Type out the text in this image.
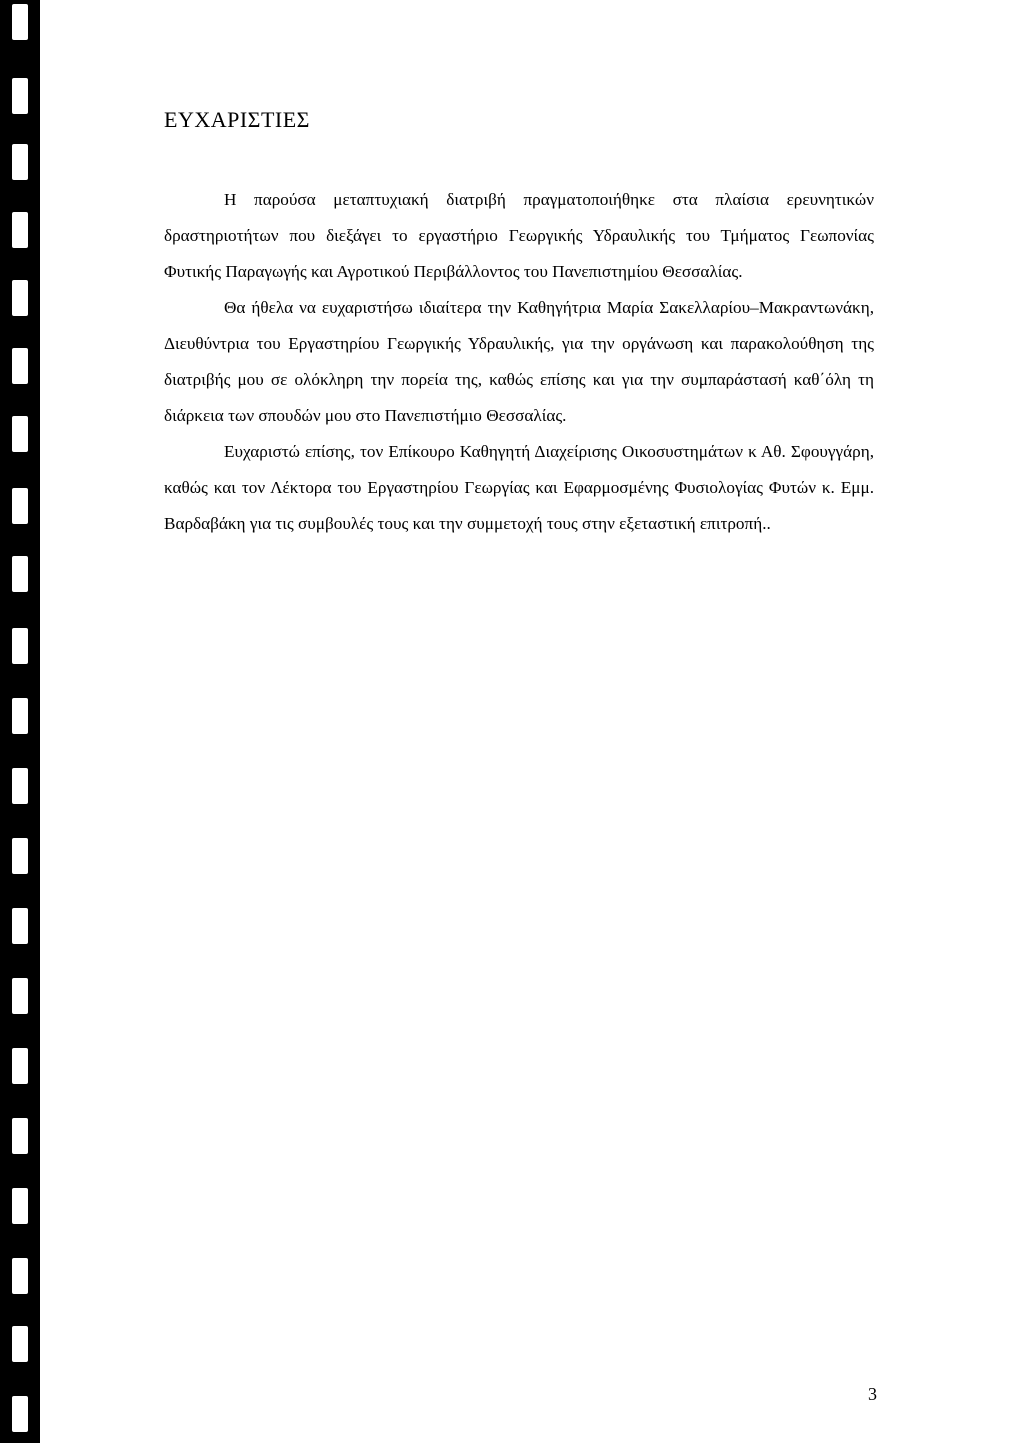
ΕΥΧΑΡΙΣΤΙΕΣ

Η παρούσα μεταπτυχιακή διατριβή πραγματοποιήθηκε στα πλαίσια ερευνητικών δραστηριοτήτων που διεξάγει το εργαστήριο Γεωργικής Υδραυλικής του Τμήματος Γεωπονίας Φυτικής Παραγωγής και Αγροτικού Περιβάλλοντος του Πανεπιστημίου Θεσσαλίας.

Θα ήθελα να ευχαριστήσω ιδιαίτερα την Καθηγήτρια Μαρία Σακελλαρίου–Μακραντωνάκη, Διευθύντρια του Εργαστηρίου Γεωργικής Υδραυλικής, για την οργάνωση και παρακολούθηση της διατριβής μου σε ολόκληρη την πορεία της, καθώς επίσης και για την συμπαράστασή καθ΄όλη τη διάρκεια των σπουδών μου στο Πανεπιστήμιο Θεσσαλίας.

Ευχαριστώ επίσης, τον Επίκουρο Καθηγητή Διαχείρισης Οικοσυστημάτων κ Αθ. Σφουγγάρη, καθώς και τον Λέκτορα του Εργαστηρίου Γεωργίας και Εφαρμοσμένης Φυσιολογίας Φυτών κ. Εμμ. Βαρδαβάκη για τις συμβουλές τους και την συμμετοχή τους στην εξεταστική επιτροπή..

3
